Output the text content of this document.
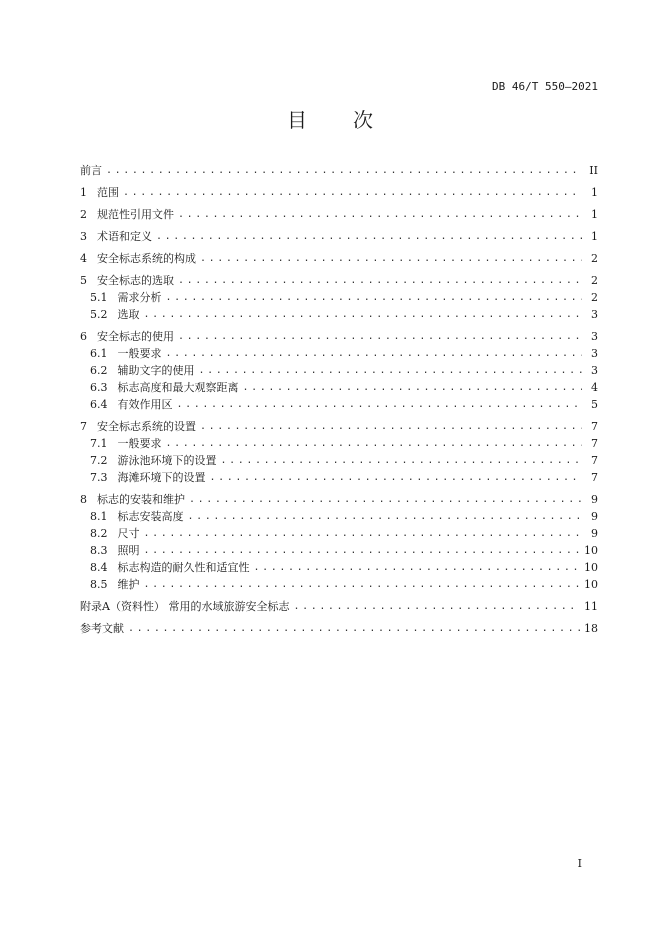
DB 46/T 550—2021
目 次
前言 .....	II
1 范围 .....	1
2 规范性引用文件 .....	1
3 术语和定义 .....	1
4 安全标志系统的构成 .....	2
5 安全标志的选取 .....	2
5.1 需求分析 .....	2
5.2 选取 .....	3
6 安全标志的使用 .....	3
6.1 一般要求 .....	3
6.2 辅助文字的使用 .....	3
6.3 标志高度和最大观察距离 .....	4
6.4 有效作用区 .....	5
7 安全标志系统的设置 .....	7
7.1 一般要求 .....	7
7.2 游泳池环境下的设置 .....	7
7.3 海滩环境下的设置 .....	7
8 标志的安装和维护 .....	9
8.1 标志安装高度 .....	9
8.2 尺寸 .....	9
8.3 照明 .....	10
8.4 标志构造的耐久性和适宜性 .....	10
8.5 维护 .....	10
附录A（资料性） 常用的水域旅游安全标志 .....	11
参考文献 .....	18
I
